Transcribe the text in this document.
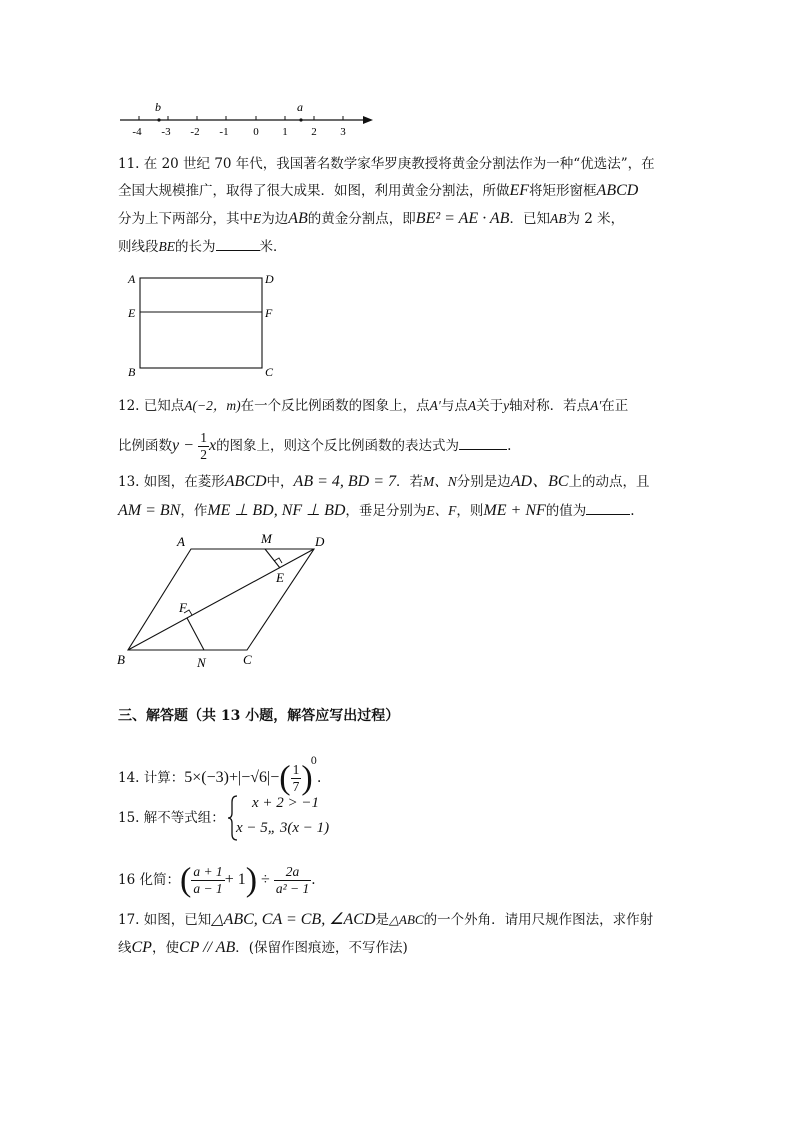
b	a
-4 -3 -2 -1 0 1 2 3
11. 在 20 世纪 70 年代，我国著名数学家华罗庚教授将黄金分割法作为一种“优选法”，在
全国大规模推广，取得了很大成果．如图，利用黄金分割法，所做EF将矩形窗框ABCD
分为上下两部分，其中E为边AB的黄金分割点，即BE² = AE · AB．已知AB为 2 米，
则线段BE的长为	米．
A	D
E	F
B	C
12. 已知点A(−2，m)在一个反比例函数的图象上，点A′与点A关于y轴对称．若点A′在正
比例函数$y - \frac{1}{2}$ x的图象上，则这个反比例函数的表达式为	.
13. 如图，在菱形ABCD中，AB = 4, BD = 7．若M、N分别是边AD、BC上的动点，且
AM = BN，作ME ⊥ BD, NF ⊥ BD，垂足分别为E、F，则ME + NF的值为	.
A	M	D
E
F
B	N	C
三、解答题（共 13 小题，解答应写出过程）
14. 计算：$5\times(-3)+|-√6|-( \frac{1}{7} )^0$.
15. 解不等式组：
x + 2 > −1
x − 5„ 3(x − 1)
16 化简：( $\frac{a + 1}{a - 1} + 1) \div \frac{2a}{\text{a² − 1}}$ .
17. 如图，已知△ABC, CA = CB, ∠ACD是△ABC的一个外角．请用尺规作图法，求作射
线CP，使CP // AB．(保留作图痕迹，不写作法)
